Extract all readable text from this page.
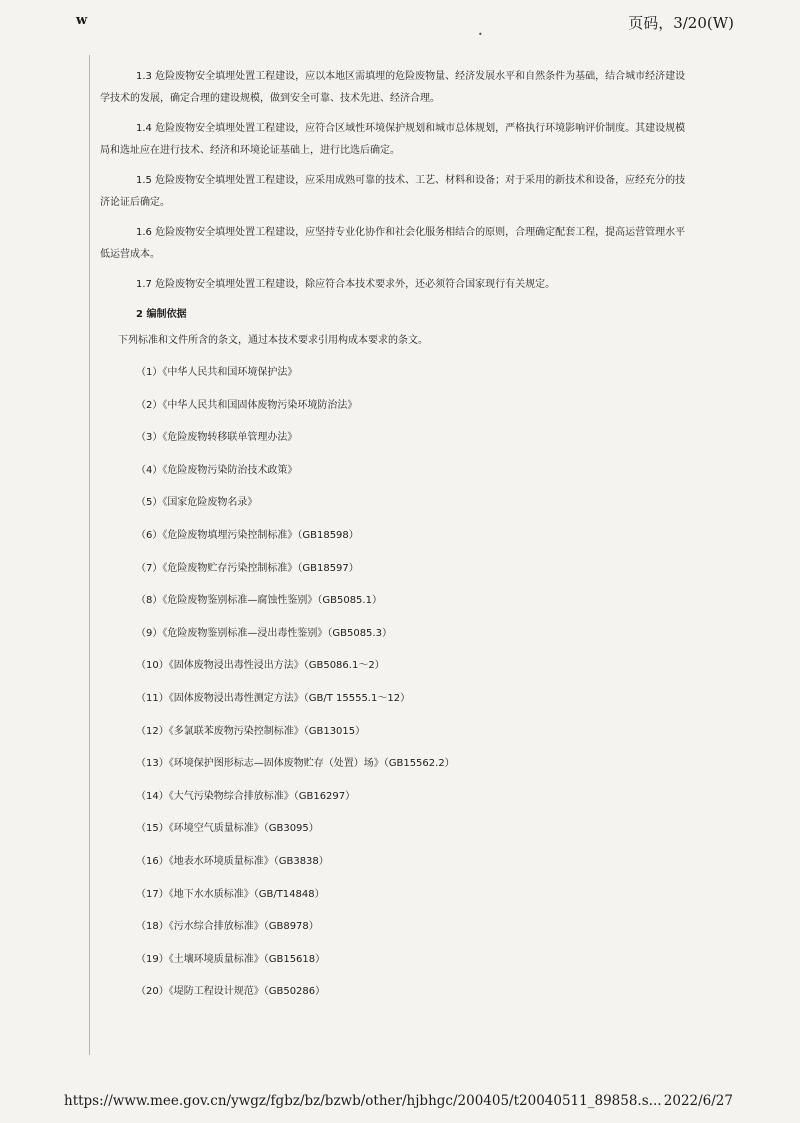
w
•
页码，3/20(W)

1.3 危险废物安全填埋处置工程建设，应以本地区需填埋的危险废物量、经济发展水平和自然条件为基础，结合城市经济建设
学技术的发展，确定合理的建设规模，做到安全可靠、技术先进、经济合理。

1.4 危险废物安全填埋处置工程建设，应符合区域性环境保护规划和城市总体规划，严格执行环境影响评价制度。其建设规模
局和选址应在进行技术、经济和环境论证基础上，进行比选后确定。

1.5 危险废物安全填埋处置工程建设，应采用成熟可靠的技术、工艺、材料和设备；对于采用的新技术和设备，应经充分的技
济论证后确定。

1.6 危险废物安全填埋处置工程建设，应坚持专业化协作和社会化服务相结合的原则，合理确定配套工程，提高运营管理水平
低运营成本。

1.7 危险废物安全填埋处置工程建设，除应符合本技术要求外，还必须符合国家现行有关规定。

2 编制依据

下列标准和文件所含的条文，通过本技术要求引用构成本要求的条文。

（1）《中华人民共和国环境保护法》
（2）《中华人民共和国固体废物污染环境防治法》
（3）《危险废物转移联单管理办法》
（4）《危险废物污染防治技术政策》
（5）《国家危险废物名录》
（6）《危险废物填埋污染控制标准》（GB18598）
（7）《危险废物贮存污染控制标准》（GB18597）
（8）《危险废物鉴别标准—腐蚀性鉴别》（GB5085.1）
（9）《危险废物鉴别标准—浸出毒性鉴别》（GB5085.3）
（10）《固体废物浸出毒性浸出方法》（GB5086.1～2）
（11）《固体废物浸出毒性测定方法》（GB/T 15555.1～12）
（12）《多氯联苯废物污染控制标准》（GB13015）
（13）《环境保护图形标志—固体废物贮存（处置）场》（GB15562.2）
（14）《大气污染物综合排放标准》（GB16297）
（15）《环境空气质量标准》（GB3095）
（16）《地表水环境质量标准》（GB3838）
（17）《地下水水质标准》（GB/T14848）
（18）《污水综合排放标准》（GB8978）
（19）《土壤环境质量标准》（GB15618）
（20）《堤防工程设计规范》（GB50286）
https://www.mee.gov.cn/ywgz/fgbz/bz/bzwb/other/hjbhgc/200405/t20040511_89858.s... 2022/6/27
